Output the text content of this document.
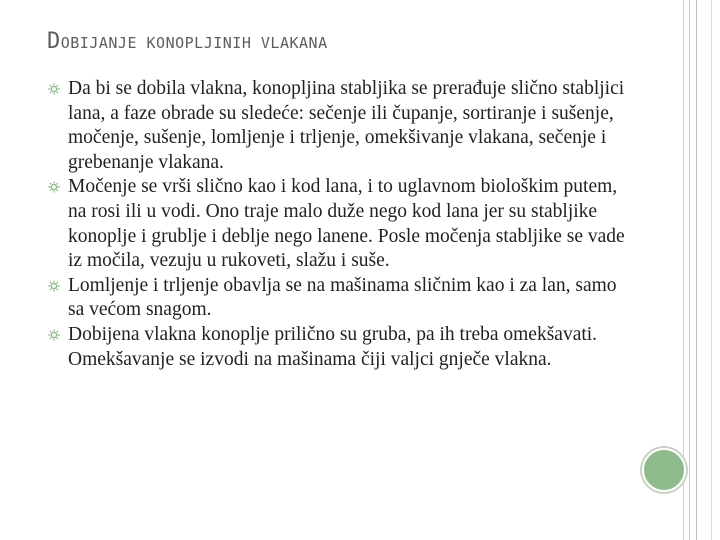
DOBIJANJE KONOPLJINIH VLAKANA
Da bi se dobila vlakna, konopljina stabljika se prerađuje slično stabljici lana, a faze obrade su sledeće: sečenje ili čupanje, sortiranje i sušenje, močenje, sušenje, lomljenje i trljenje, omekšivanje vlakana, sečenje i grebenanje vlakana.
Močenje se vrši slično kao i kod lana, i to uglavnom biološkim putem, na rosi ili u vodi. Ono traje malo duže nego kod lana jer su stabljike konoplje i grublje i deblje nego lanene. Posle močenja stabljike se vade iz močila, vezuju u rukoveti, slažu i suše.
Lomljenje i trljenje obavlja se na mašinama sličnim kao i za lan, samo sa većom snagom.
Dobijena vlakna konoplje prilično su gruba, pa ih treba omekšavati. Omekšavanje se izvodi na mašinama čiji valjci gnječe vlakna.
